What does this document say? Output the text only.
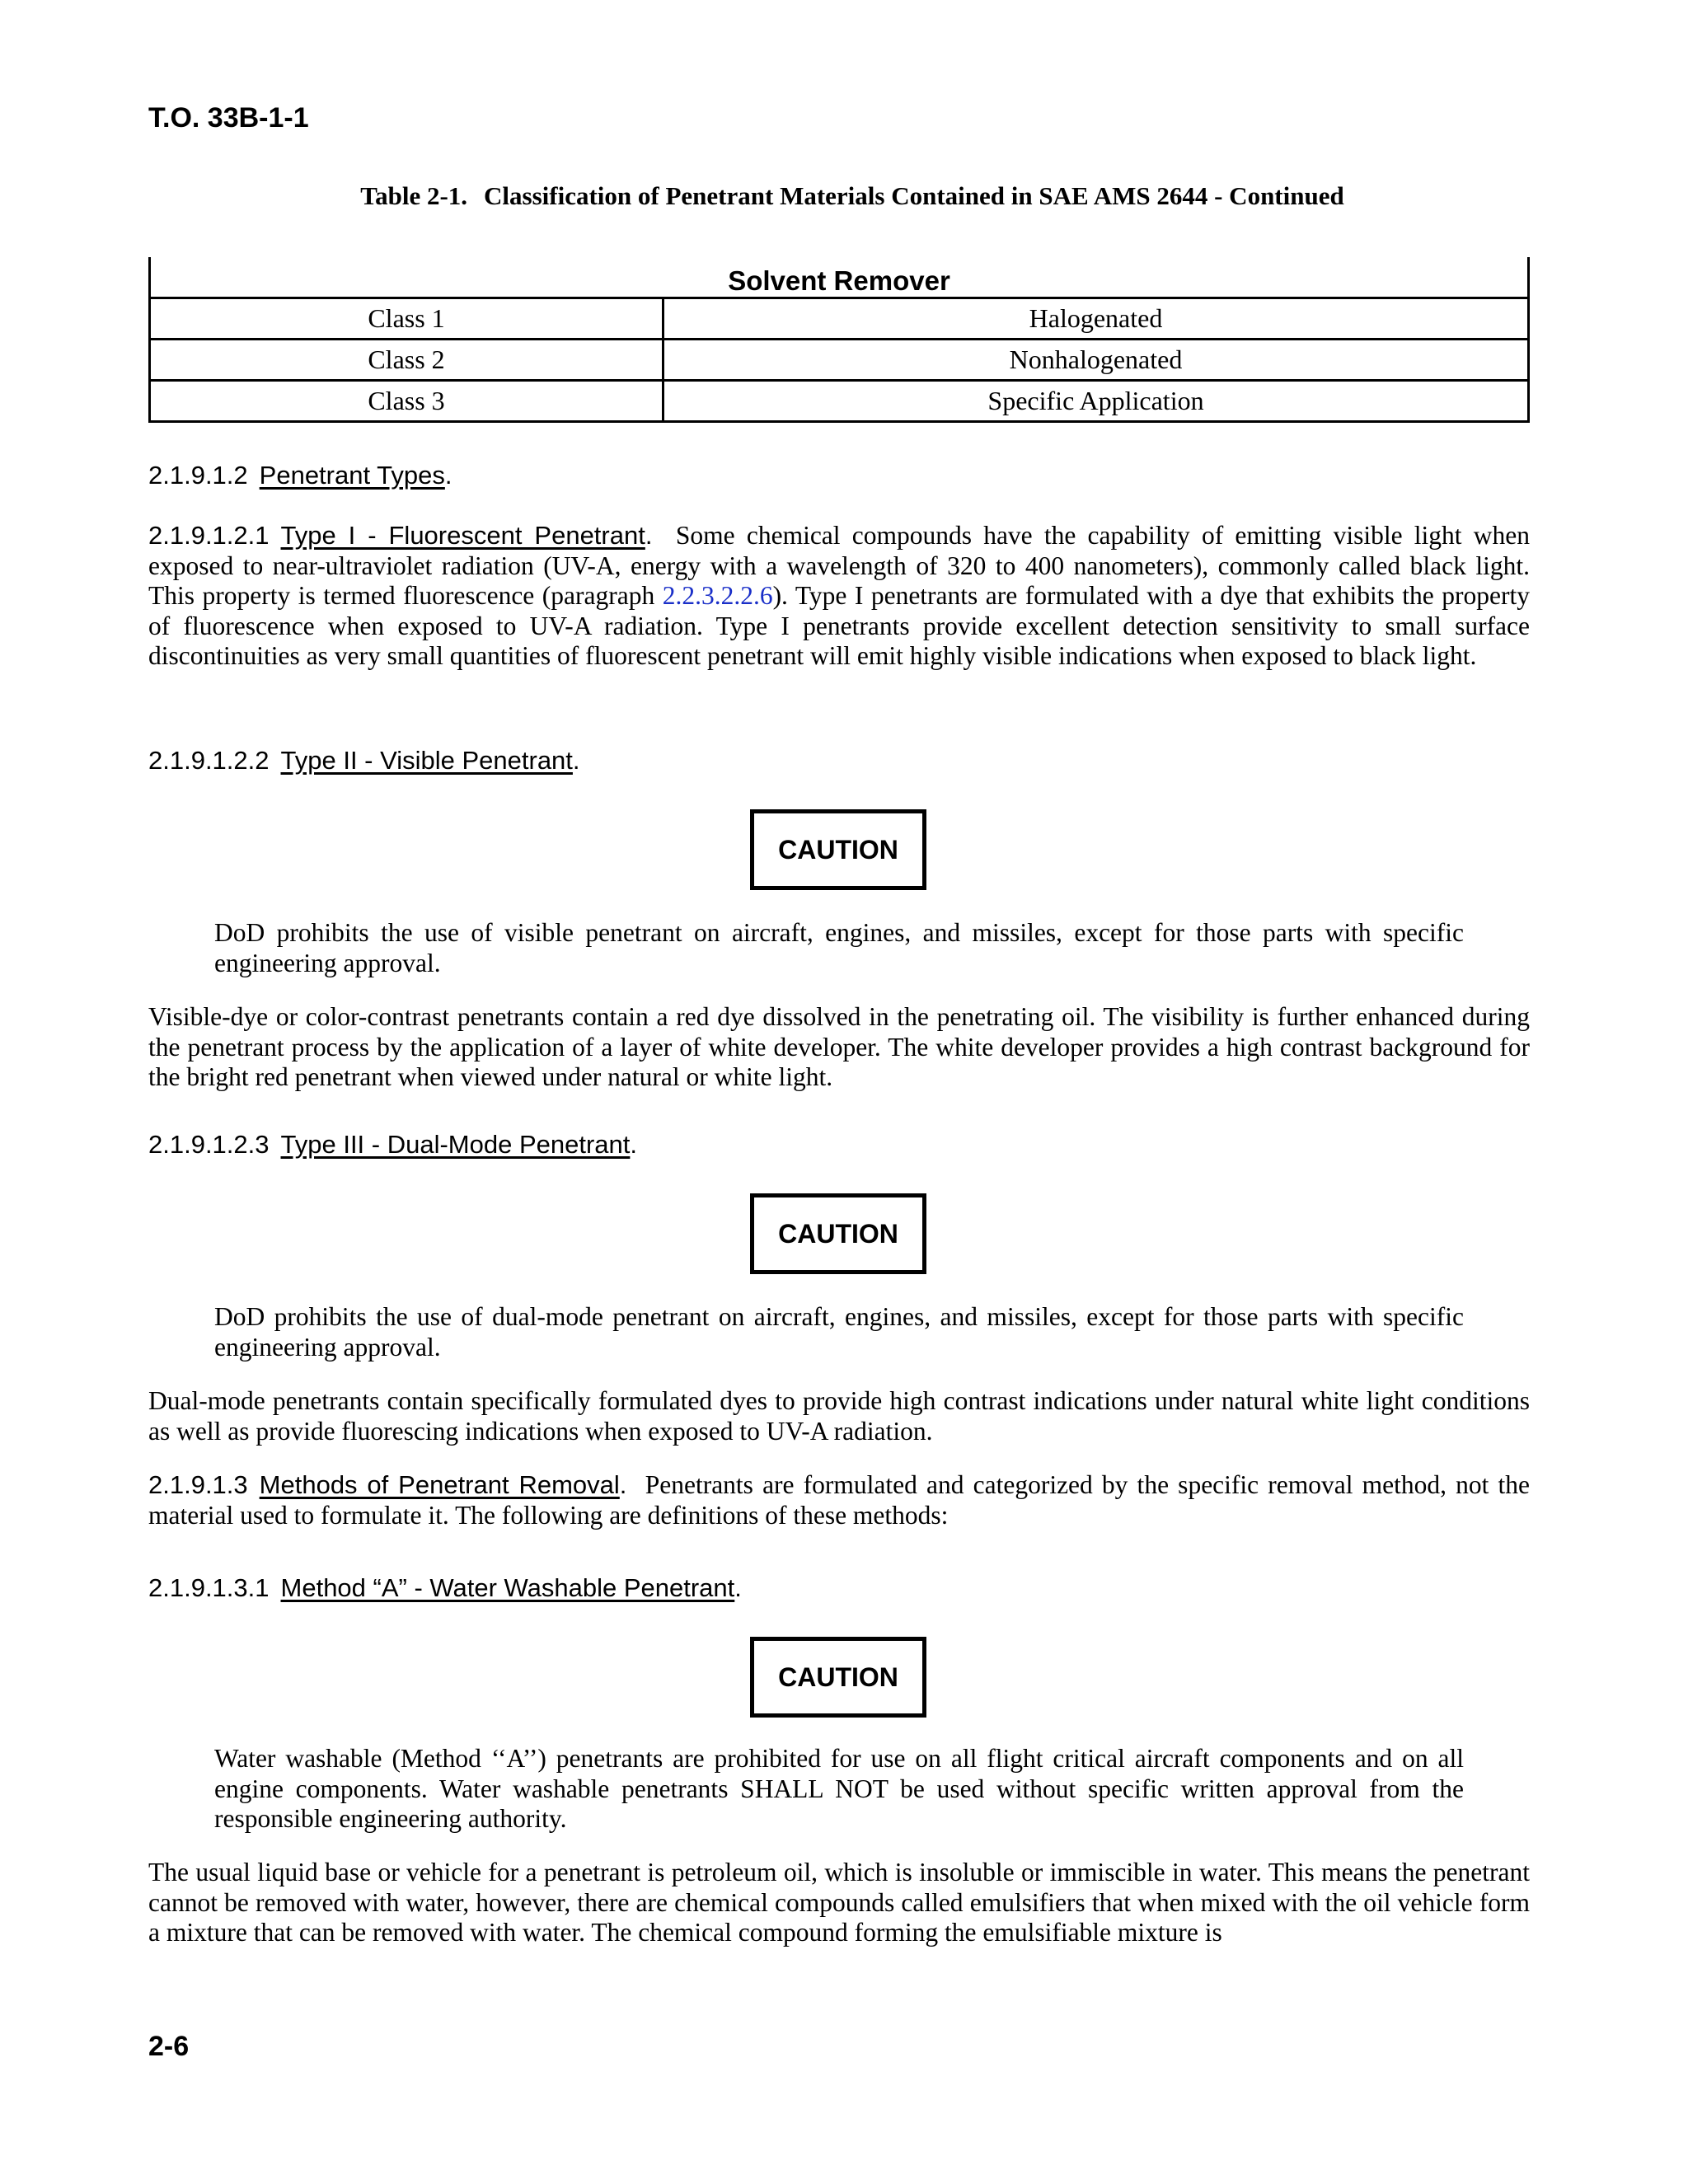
T.O. 33B-1-1
Table 2-1. Classification of Penetrant Materials Contained in SAE AMS 2644 - Continued
Solvent Remover	
Class 1	Halogenated
Class 2	Nonhalogenated
Class 3	Specific Application
2.1.9.1.2 Penetrant Types.

2.1.9.1.2.1 Type I - Fluorescent Penetrant. Some chemical compounds have the capability of emitting visible light when exposed to near-ultraviolet radiation (UV-A, energy with a wavelength of 320 to 400 nanometers), commonly called black light. This property is termed fluorescence (paragraph 2.2.3.2.2.6). Type I penetrants are formulated with a dye that exhibits the property of fluorescence when exposed to UV-A radiation. Type I penetrants provide excellent detection sensitivity to small surface discontinuities as very small quantities of fluorescent penetrant will emit highly visible indications when exposed to black light.

2.1.9.1.2.2 Type II - Visible Penetrant.
CAUTION

DoD prohibits the use of visible penetrant on aircraft, engines, and missiles, except for those parts with specific engineering approval.

Visible-dye or color-contrast penetrants contain a red dye dissolved in the penetrating oil. The visibility is further enhanced during the penetrant process by the application of a layer of white developer. The white developer provides a high contrast background for the bright red penetrant when viewed under natural or white light.

2.1.9.1.2.3 Type III - Dual-Mode Penetrant.
CAUTION

DoD prohibits the use of dual-mode penetrant on aircraft, engines, and missiles, except for those parts with specific engineering approval.

Dual-mode penetrants contain specifically formulated dyes to provide high contrast indications under natural white light conditions as well as provide fluorescing indications when exposed to UV-A radiation.

2.1.9.1.3 Methods of Penetrant Removal. Penetrants are formulated and categorized by the specific removal method, not the material used to formulate it. The following are definitions of these methods:

2.1.9.1.3.1 Method “A” - Water Washable Penetrant.
CAUTION

Water washable (Method ‘‘A’’) penetrants are prohibited for use on all flight critical aircraft components and on all engine components. Water washable penetrants SHALL NOT be used without specific written approval from the responsible engineering authority.

The usual liquid base or vehicle for a penetrant is petroleum oil, which is insoluble or immiscible in water. This means the penetrant cannot be removed with water, however, there are chemical compounds called emulsifiers that when mixed with the oil vehicle form a mixture that can be removed with water. The chemical compound forming the emulsifiable mixture is

2-6
